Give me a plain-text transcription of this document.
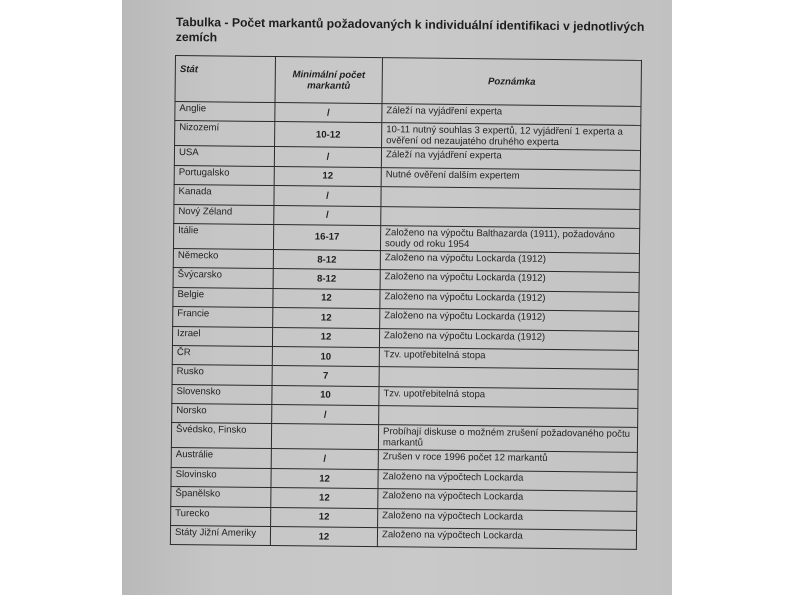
Tabulka - Počet markantů požadovaných k individuální identifikaci v jednotlivých zemích
Stát	Minimální počet markantů	Poznámka
Anglie	/	Záleží na vyjádření experta
Nizozemí	10-12	10-11 nutný souhlas 3 expertů, 12 vyjádření 1 experta a ověření od nezaujatého druhého experta
USA	/	Záleží na vyjádření experta
Portugalsko	12	Nutné ověření dalším expertem
Kanada	/	
Nový Zéland	/	
Itálie	16-17	Založeno na výpočtu Balthazarda (1911), požadováno soudy od roku 1954
Německo	8-12	Založeno na výpočtu Lockarda (1912)
Švýcarsko	8-12	Založeno na výpočtu Lockarda (1912)
Belgie	12	Založeno na výpočtu Lockarda (1912)
Francie	12	Založeno na výpočtu Lockarda (1912)
Izrael	12	Založeno na výpočtu Lockarda (1912)
ČR	10	Tzv. upotřebitelná stopa
Rusko	7	
Slovensko	10	Tzv. upotřebitelná stopa
Norsko	/	
Švédsko, Finsko		Probíhají diskuse o možném zrušení požadovaného počtu markantů
Austrálie	/	Zrušen v roce 1996 počet 12 markantů
Slovinsko	12	Založeno na výpočtech Lockarda
Španělsko	12	Založeno na výpočtech Lockarda
Turecko	12	Založeno na výpočtech Lockarda
Státy Jižní Ameriky	12	Založeno na výpočtech Lockarda
